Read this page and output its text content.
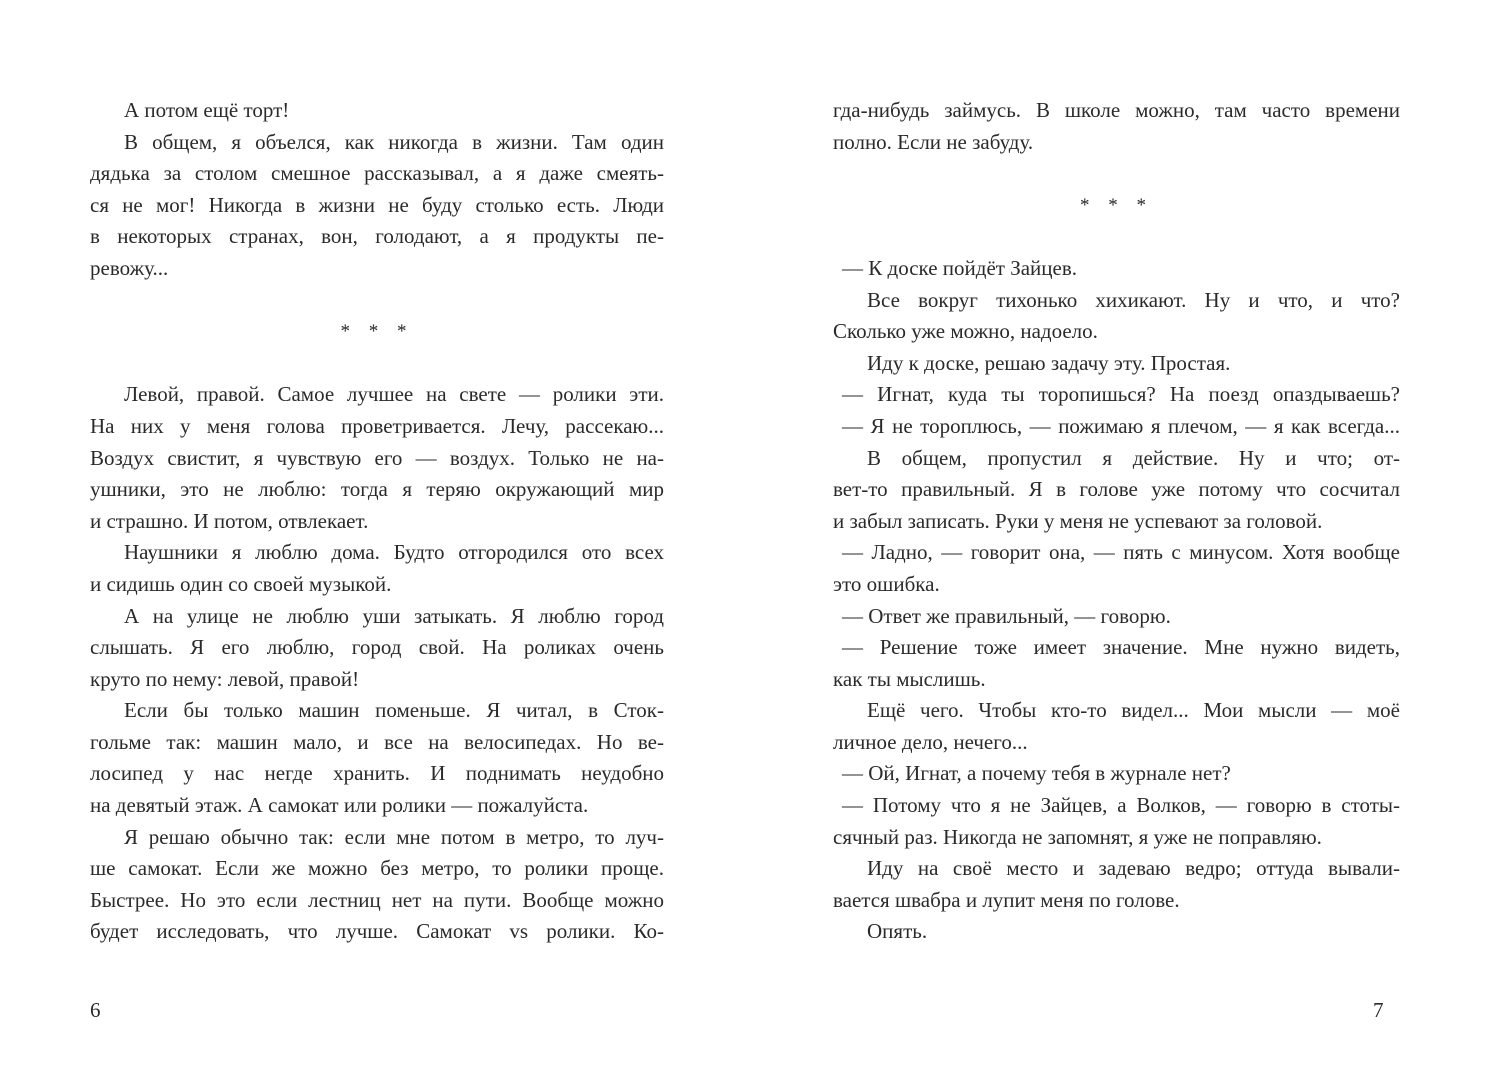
А потом ещё торт!
В общем, я объелся, как никогда в жизни. Там один
дядька за столом смешное рассказывал, а я даже смеять-
ся не мог! Никогда в жизни не буду столько есть. Люди
в некоторых странах, вон, голодают, а я продукты пе-
ревожу...
* * *
Левой, правой. Самое лучшее на свете — ролики эти.
На них у меня голова проветривается. Лечу, рассекаю...
Воздух свистит, я чувствую его — воздух. Только не на-
ушники, это не люблю: тогда я теряю окружающий мир
и страшно. И потом, отвлекает.
Наушники я люблю дома. Будто отгородился ото всех
и сидишь один со своей музыкой.
А на улице не люблю уши затыкать. Я люблю город
слышать. Я его люблю, город свой. На роликах очень
круто по нему: левой, правой!
Если бы только машин поменьше. Я читал, в Сток-
гольме так: машин мало, и все на велосипедах. Но ве-
лосипед у нас негде хранить. И поднимать неудобно
на девятый этаж. А самокат или ролики — пожалуйста.
Я решаю обычно так: если мне потом в метро, то луч-
ше самокат. Если же можно без метро, то ролики проще.
Быстрее. Но это если лестниц нет на пути. Вообще можно
будет исследовать, что лучше. Самокат vs ролики. Ко-
6
гда-нибудь займусь. В школе можно, там часто времени
полно. Если не забуду.
* * *
— К доске пойдёт Зайцев.
Все вокруг тихонько хихикают. Ну и что, и что?
Сколько уже можно, надоело.
Иду к доске, решаю задачу эту. Простая.
— Игнат, куда ты торопишься? На поезд опаздываешь?
— Я не тороплюсь, — пожимаю я плечом, — я как всегда...
В общем, пропустил я действие. Ну и что; от-
вет-то правильный. Я в голове уже потому что сосчитал
и забыл записать. Руки у меня не успевают за головой.
— Ладно, — говорит она, — пять с минусом. Хотя вообще
это ошибка.
— Ответ же правильный, — говорю.
— Решение тоже имеет значение. Мне нужно видеть,
как ты мыслишь.
Ещё чего. Чтобы кто-то видел... Мои мысли — моё
личное дело, нечего...
— Ой, Игнат, а почему тебя в журнале нет?
— Потому что я не Зайцев, а Волков, — говорю в стоты-
сячный раз. Никогда не запомнят, я уже не поправляю.
Иду на своё место и задеваю ведро; оттуда вывали-
вается швабра и лупит меня по голове.
Опять.
7
